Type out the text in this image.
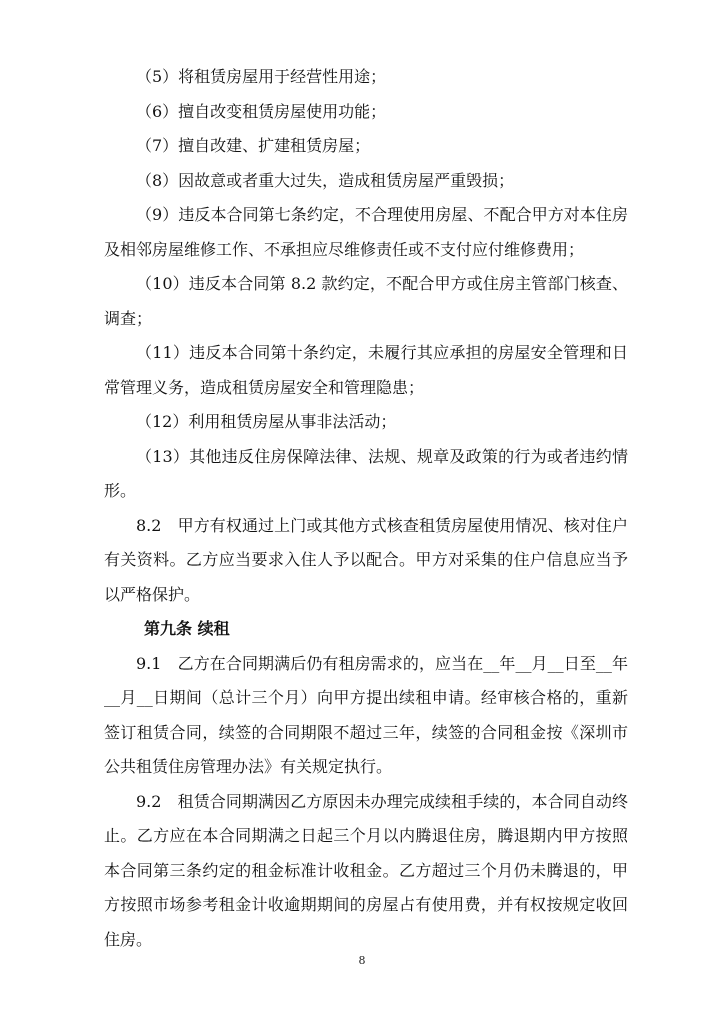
（5）将租赁房屋用于经营性用途；

（6）擅自改变租赁房屋使用功能；

（7）擅自改建、扩建租赁房屋；

（8）因故意或者重大过失，造成租赁房屋严重毁损；

（9）违反本合同第七条约定，不合理使用房屋、不配合甲方对本住房及相邻房屋维修工作、不承担应尽维修责任或不支付应付维修费用；

（10）违反本合同第 8.2 款约定，不配合甲方或住房主管部门核查、调查；

（11）违反本合同第十条约定，未履行其应承担的房屋安全管理和日常管理义务，造成租赁房屋安全和管理隐患；

（12）利用租赁房屋从事非法活动；

（13）其他违反住房保障法律、法规、规章及政策的行为或者违约情形。

8.2　甲方有权通过上门或其他方式核查租赁房屋使用情况、核对住户有关资料。乙方应当要求入住人予以配合。甲方对采集的住户信息应当予以严格保护。

第九条 续租

9.1　乙方在合同期满后仍有租房需求的，应当在__年__月__日至__年__月__日期间（总计三个月）向甲方提出续租申请。经审核合格的，重新签订租赁合同，续签的合同期限不超过三年，续签的合同租金按《深圳市公共租赁住房管理办法》有关规定执行。

9.2　租赁合同期满因乙方原因未办理完成续租手续的，本合同自动终止。乙方应在本合同期满之日起三个月以内腾退住房，腾退期内甲方按照本合同第三条约定的租金标准计收租金。乙方超过三个月仍未腾退的，甲方按照市场参考租金计收逾期期间的房屋占有使用费，并有权按规定收回住房。

8
